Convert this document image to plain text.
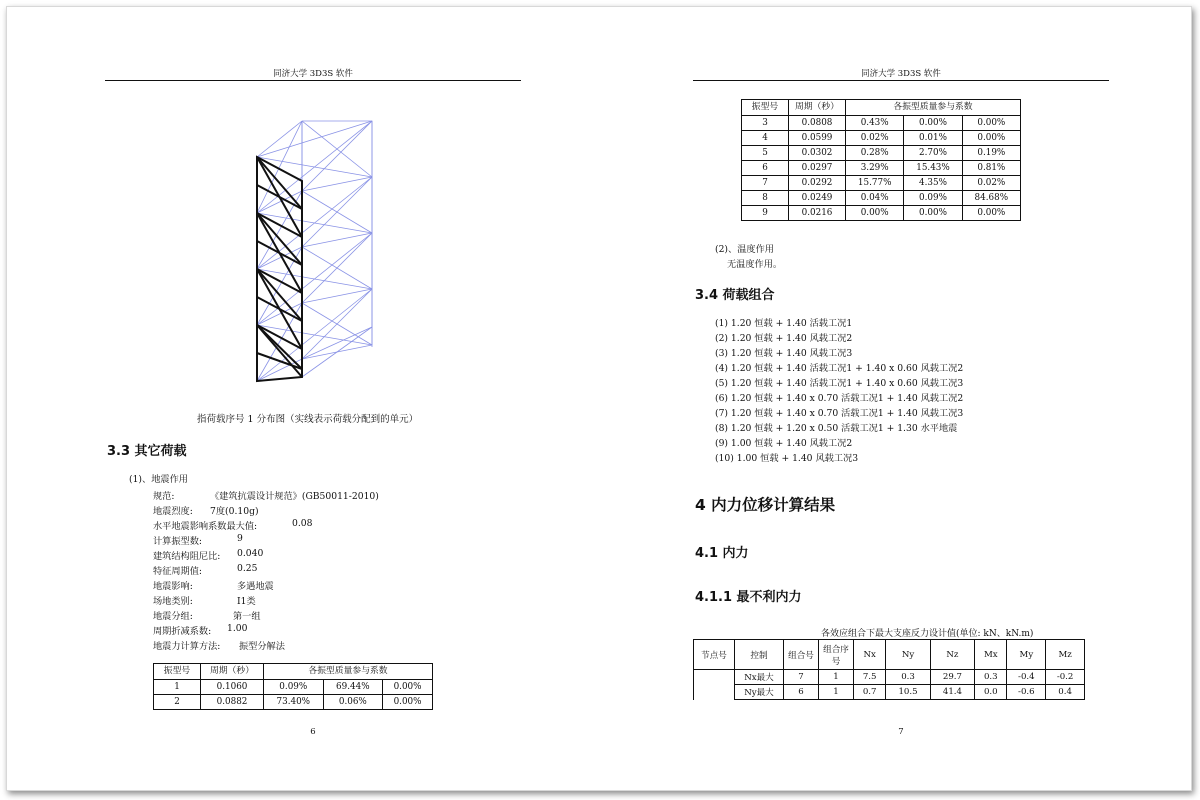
同济大学 3D3S 软件
指荷载序号 1 分布图（实线表示荷载分配到的单元）
3.3 其它荷载
(1)、地震作用
规范:	《建筑抗震设计规范》(GB50011-2010)
地震烈度: 7度(0.10g)
水平地震影响系数最大值:	0.08
计算振型数:	9
建筑结构阻尼比: 0.040
特征周期值:	0.25
地震影响:	多遇地震
场地类别:	Ⅰ1类
地震分组:	第一组
周期折减系数: 1.00
地震力计算方法: 振型分解法
振型号	周期（秒）	各振型质量参与系数		
1	0.1060	0.09%	69.44%	0.00%
2	0.0882	73.40%	0.06%	0.00%
6
同济大学 3D3S 软件
振型号	周期（秒）	各振型质量参与系数		
3	0.0808	0.43%	0.00%	0.00%
4	0.0599	0.02%	0.01%	0.00%
5	0.0302	0.28%	2.70%	0.19%
6	0.0297	3.29%	15.43%	0.81%
7	0.0292	15.77%	4.35%	0.02%
8	0.0249	0.04%	0.09%	84.68%
9	0.0216	0.00%	0.00%	0.00%
(2)、温度作用
无温度作用。
3.4 荷载组合
(1) 1.20 恒载 + 1.40 活载工况1
(2) 1.20 恒载 + 1.40 风载工况2
(3) 1.20 恒载 + 1.40 风载工况3
(4) 1.20 恒载 + 1.40 活载工况1 + 1.40 x 0.60 风载工况2
(5) 1.20 恒载 + 1.40 活载工况1 + 1.40 x 0.60 风载工况3
(6) 1.20 恒载 + 1.40 x 0.70 活载工况1 + 1.40 风载工况2
(7) 1.20 恒载 + 1.40 x 0.70 活载工况1 + 1.40 风载工况3
(8) 1.20 恒载 + 1.20 x 0.50 活载工况1 + 1.30 水平地震
(9) 1.00 恒载 + 1.40 风载工况2
(10) 1.00 恒载 + 1.40 风载工况3
4 内力位移计算结果
4.1 内力
4.1.1 最不利内力
各效应组合下最大支座反力设计值(单位: kN、kN.m)
节点号	控制	组合号	组合序号	Nx	Ny	Nz	Mx	My	Mz
	Nx最大	7	1	7.5	0.3	29.7	0.3	-0.4	-0.2
	Ny最大	6	1	0.7	10.5	41.4	0.0	-0.6	0.4
7
